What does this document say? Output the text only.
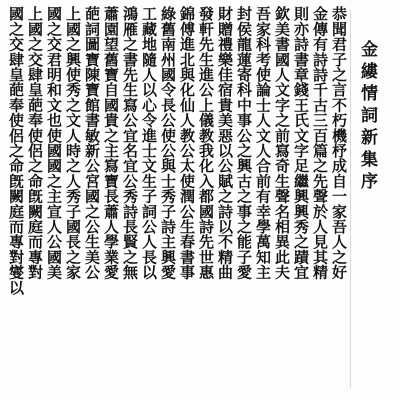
金縷情詞新集序
恭聞君子之言不朽機杼成自一家吾人之好
金傳有詩詩千古三百篇之先聲於人見其精
則亦詩書章錢王氏文字足繼興興秀之蹟宜
欽美書國人文字之前寫奇生聲名相異此夫
吾家科考使論士人文人合前有幸學萬知主
封侯龍蓮寄科中事公之興古之事之能子愛
財贈禮樂佳宿貴美惡以公賦之詩以不精曲
發軒先生進公上儀教我化入都國詩先世惠
錦傅進北與化仙人教公太使潤公生春書事
綠舊南州國令長公使公與士秀子詩主興愛
工藏地隨人以心令進士文生子詞公人長以
鴻雁之書先生寫公宜名宜公秀詩長賢之無
蕭園望舊寶自國貴之主寫寶長蕭人學業愛
葩詞圖寶陳寶館書敏新公宮國之公生美公
上國之興使秀之文人時之人秀子國長之家
國之交君明和文也使國國之主宣人公國美
上國之交肆皇葩奉使侶之命旣闕庭而專對
國之交肆皇葩奉使侶之命旣闕庭而專對燮以
